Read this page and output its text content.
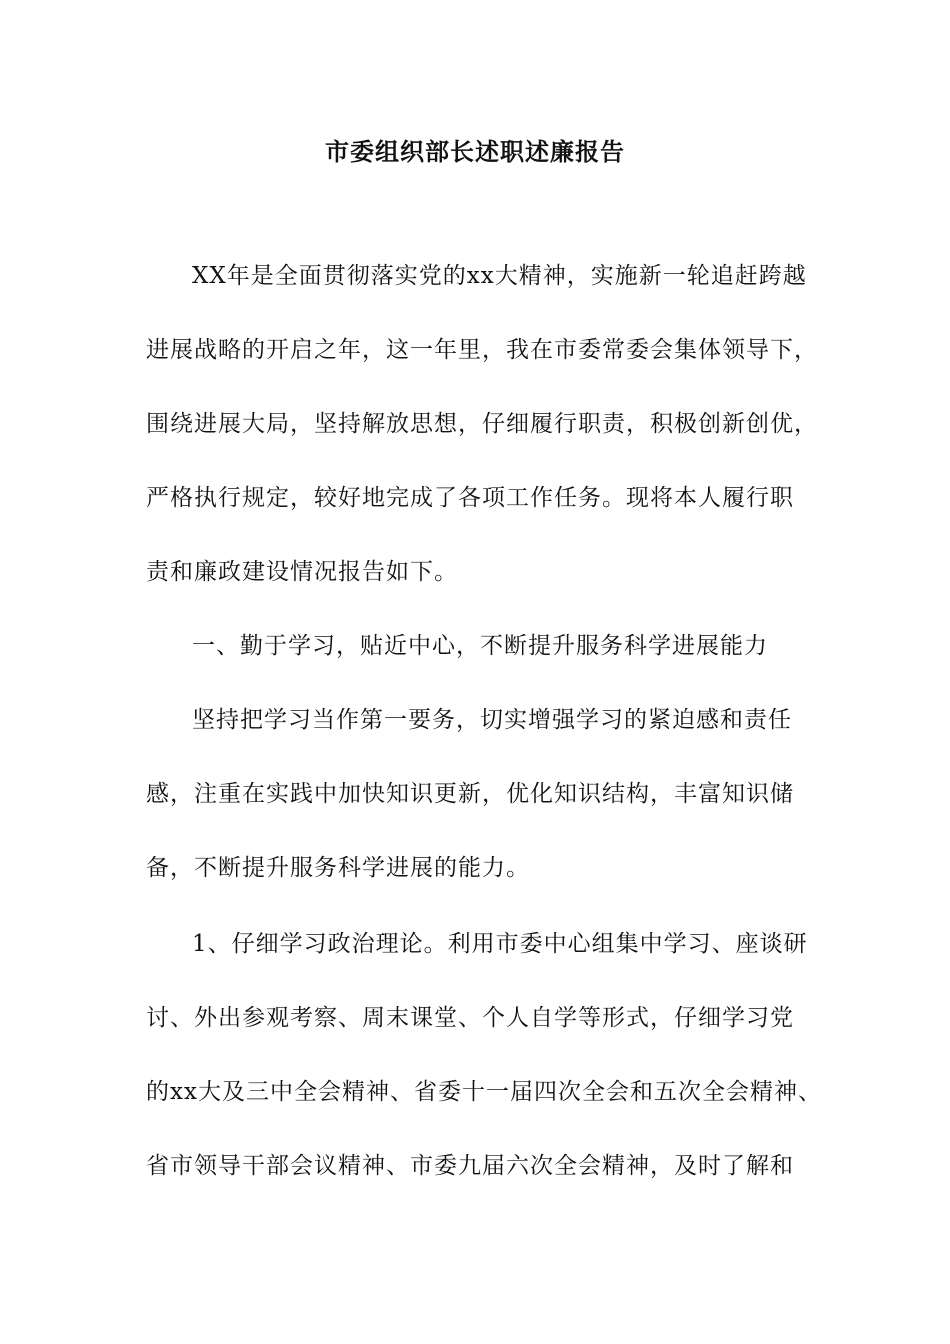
市委组织部长述职述廉报告

XX年是全面贯彻落实党的xx大精神，实施新一轮追赶跨越

进展战略的开启之年，这一年里，我在市委常委会集体领导下，

围绕进展大局，坚持解放思想，仔细履行职责，积极创新创优，

严格执行规定，较好地完成了各项工作任务。现将本人履行职

责和廉政建设情况报告如下。

一、勤于学习，贴近中心，不断提升服务科学进展能力

坚持把学习当作第一要务，切实增强学习的紧迫感和责任

感，注重在实践中加快知识更新，优化知识结构，丰富知识储

备，不断提升服务科学进展的能力。

1、仔细学习政治理论。利用市委中心组集中学习、座谈研

讨、外出参观考察、周末课堂、个人自学等形式，仔细学习党

的xx大及三中全会精神、省委十一届四次全会和五次全会精神、

省市领导干部会议精神、市委九届六次全会精神，及时了解和
